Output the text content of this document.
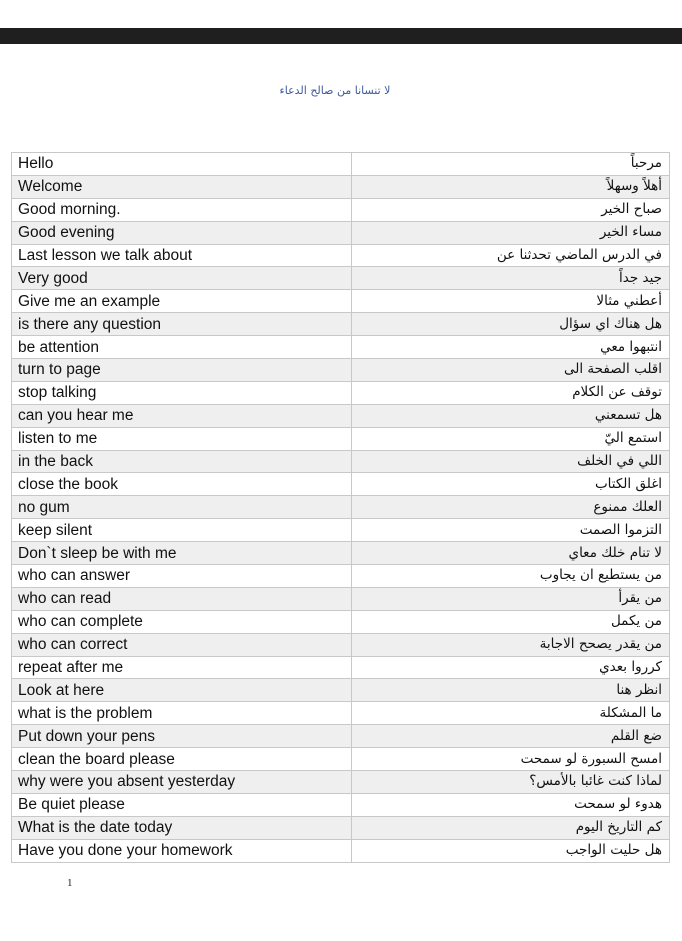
لا تنسانا من صالح الدعاء
Hello	مرحباً
Welcome	أهلاً وسهلاً
Good morning.	صباح الخير
Good evening	مساء الخير
Last lesson we talk about	في الدرس الماضي تحدثنا عن
Very good	جيد جداً
Give me an example	أعطني مثالا
is there any question	هل هناك اي سؤال
be attention	انتبهوا معي
turn to page	اقلب الصفحة الى
stop talking	توقف عن الكلام
can you hear me	هل تسمعني
listen to me	استمع اليّ
in the back	اللي في الخلف
close the book	اغلق الكتاب
no gum	العلك ممنوع
keep silent	التزموا الصمت
Don`t sleep be with me	لا تنام خلك معاي
who can answer	من يستطيع ان يجاوب
who can read	من يقرأ
who can complete	من يكمل
who can correct	من يقدر يصحح الاجابة
repeat after me	كرروا بعدي
Look at here	انظر هنا
what is the problem	ما المشكلة
Put down your pens	ضع القلم
clean the board please	امسح السبورة لو سمحت
why were you absent yesterday	لماذا كنت غائبا بالأمس؟
Be quiet please	هدوء لو سمحت
What is the date today	كم التاريخ اليوم
Have you done your homework	هل حليت الواجب
1
